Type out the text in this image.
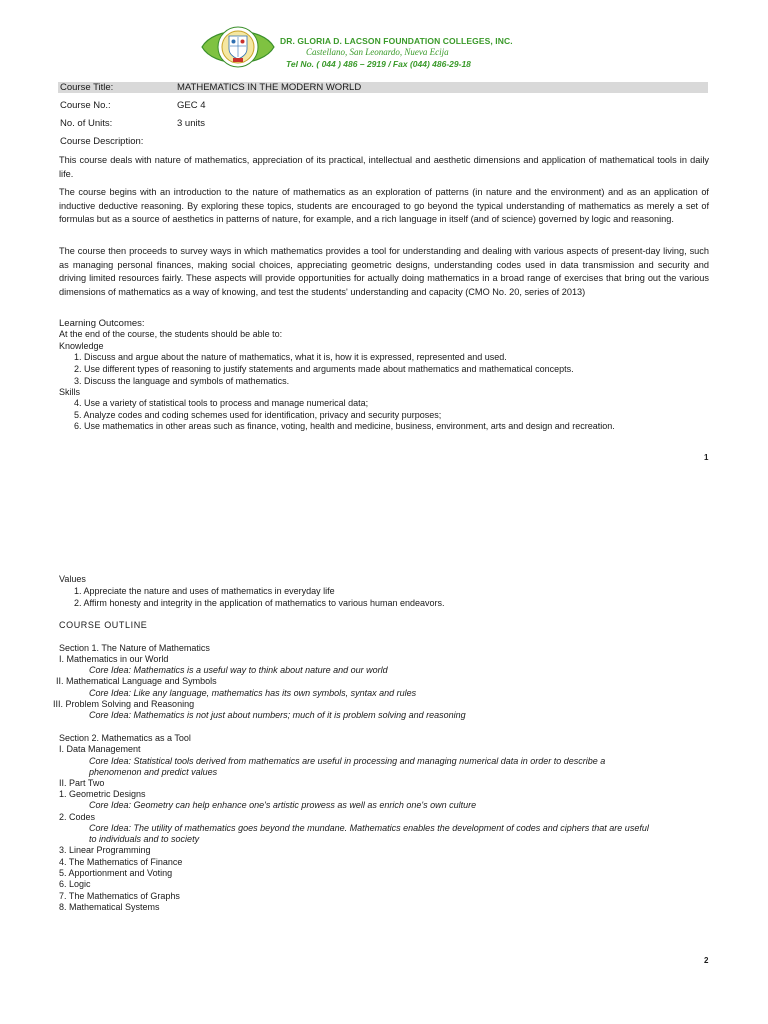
DR. GLORIA D. LACSON FOUNDATION COLLEGES, INC.
Castellano, San Leonardo, Nueva Ecija
Tel No. ( 044 ) 486 – 2919 / Fax (044) 486-29-18
Course Title:	MATHEMATICS IN THE MODERN WORLD
Course No.:	GEC 4
No. of Units:	3 units
Course Description:
This course deals with nature of mathematics, appreciation of its practical, intellectual and aesthetic dimensions and application of mathematical tools in daily life.
The course begins with an introduction to the nature of mathematics as an exploration of patterns (in nature and the environment) and as an application of inductive deductive reasoning. By exploring these topics, students are encouraged to go beyond the typical understanding of mathematics as merely a set of formulas but as a source of aesthetics in patterns of nature, for example, and a rich language in itself (and of science) governed by logic and reasoning.
The course then proceeds to survey ways in which mathematics provides a tool for understanding and dealing with various aspects of present-day living, such as managing personal finances, making social choices, appreciating geometric designs, understanding codes used in data transmission and security and driving limited resources fairly. These aspects will provide opportunities for actually doing mathematics in a broad range of exercises that bring out the various dimensions of mathematics as a way of knowing, and test the students' understanding and capacity (CMO No. 20, series of 2013)
Learning Outcomes:
At the end of the course, the students should be able to:
Knowledge
1. Discuss and argue about the nature of mathematics, what it is, how it is expressed, represented and used.
2. Use different types of reasoning to justify statements and arguments made about mathematics and mathematical concepts.
3. Discuss the language and symbols of mathematics.
Skills
4. Use a variety of statistical tools to process and manage numerical data;
5. Analyze codes and coding schemes used for identification, privacy and security purposes;
6. Use mathematics in other areas such as finance, voting, health and medicine, business, environment, arts and design and recreation.
1
Values
1. Appreciate the nature and uses of mathematics in everyday life
2. Affirm honesty and integrity in the application of mathematics to various human endeavors.
COURSE OUTLINE
Section 1. The Nature of Mathematics
I. Mathematics in our World
Core Idea: Mathematics is a useful way to think about nature and our world
II. Mathematical Language and Symbols
Core Idea: Like any language, mathematics has its own symbols, syntax and rules
III. Problem Solving and Reasoning
Core Idea: Mathematics is not just about numbers; much of it is problem solving and reasoning
Section 2. Mathematics as a Tool
I. Data Management
Core Idea: Statistical tools derived from mathematics are useful in processing and managing numerical data in order to describe a
phenomenon and predict values
II. Part Two
1. Geometric Designs
Core Idea: Geometry can help enhance one's artistic prowess as well as enrich one's own culture
2. Codes
Core Idea: The utility of mathematics goes beyond the mundane. Mathematics enables the development of codes and ciphers that are useful
to individuals and to society
3. Linear Programming
4. The Mathematics of Finance
5. Apportionment and Voting
6. Logic
7. The Mathematics of Graphs
8. Mathematical Systems
2
